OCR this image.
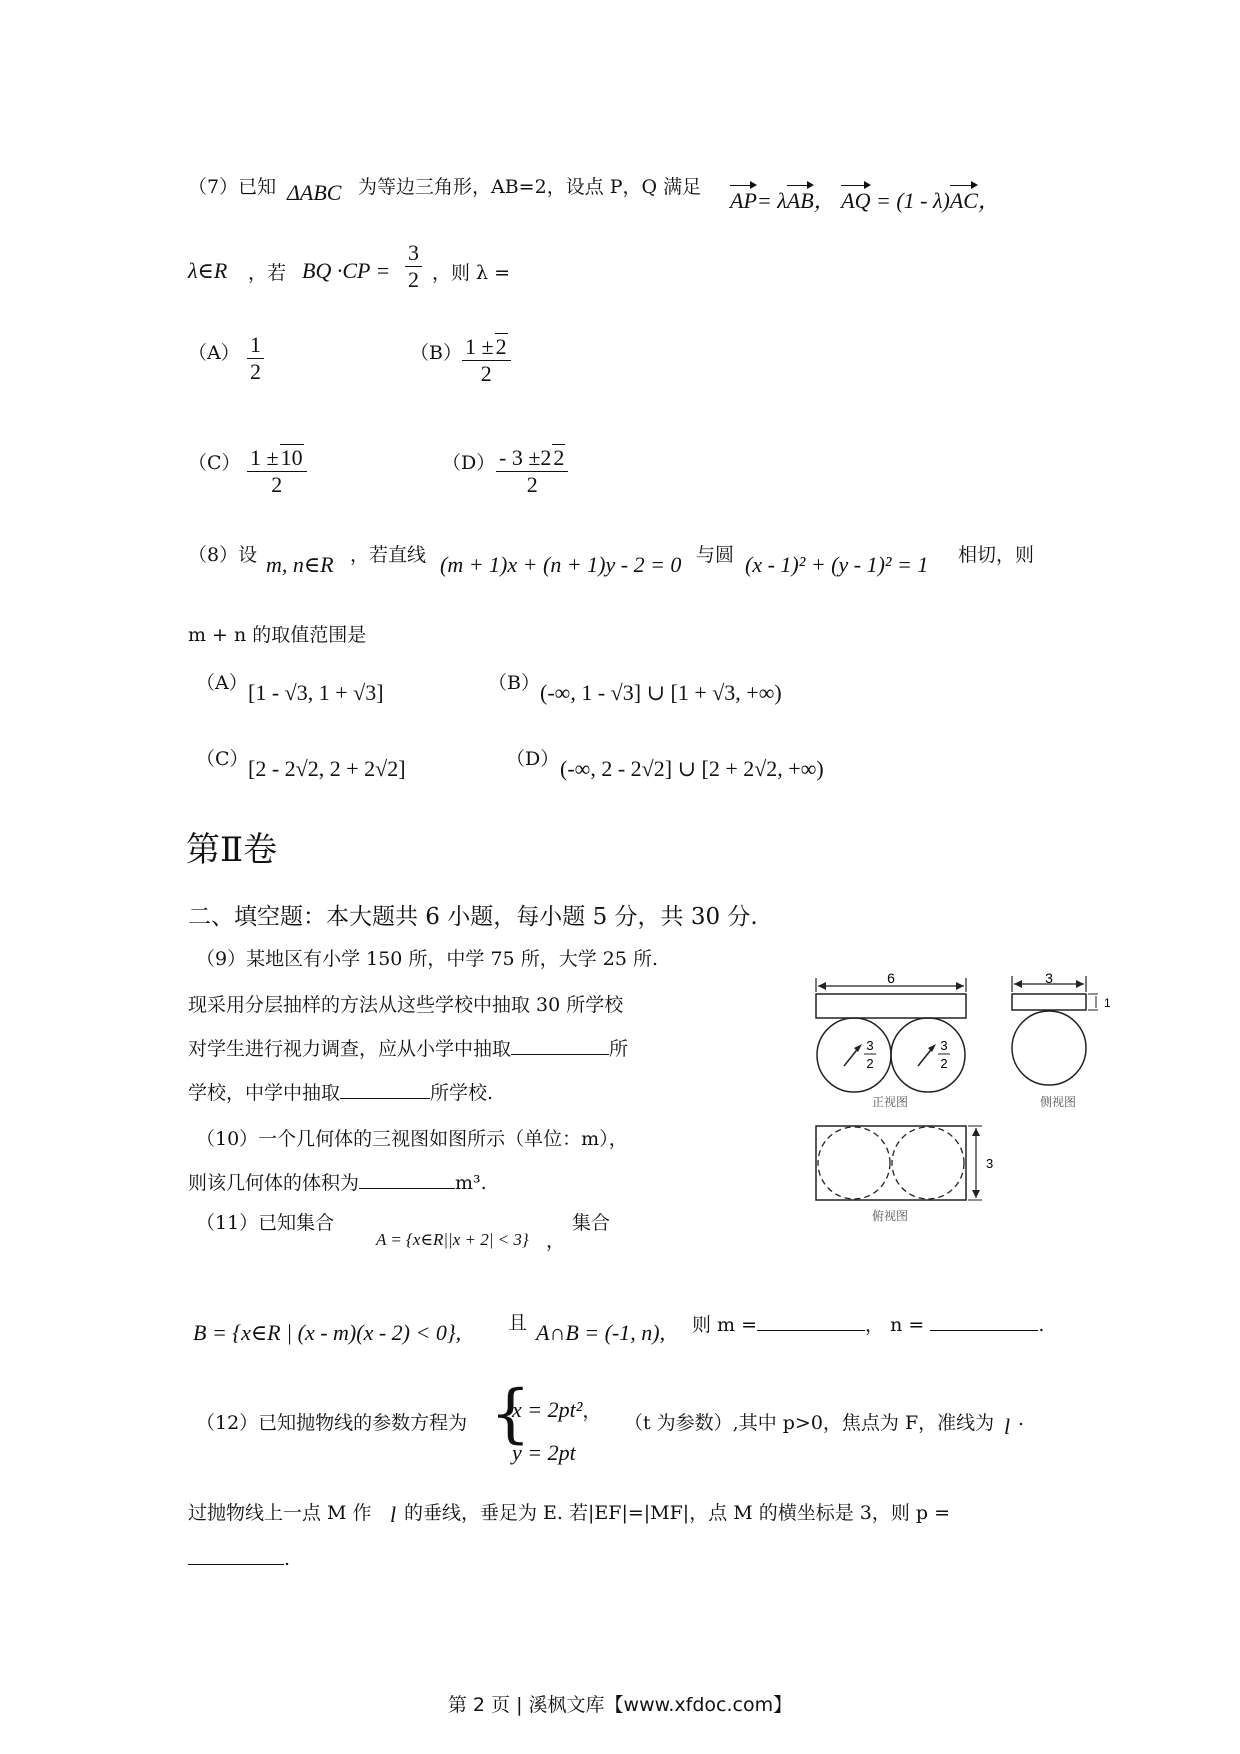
（7）已知 ΔABC 为等边三角形，AB=2，设点 P，Q 满足
AP= λAB， AQ = (1 - λ)AC，
λ∈R ，若 BQ $\cdot CP = \frac{3}{2}$ ，则 λ =
$(A) \frac{1}{2}$	$(B) \frac{1 \pm 2}{2}$
$(C) \frac{1 \pm 10}{2}$	$(D) \frac{- 3 \pm 22}{2}$
（8）设 m, n∈R ，若直线 (m + 1)x + (n + 1)y - 2 = 0 与圆 (x - 1)² + (y - 1)² = 1 相切，则
m + n 的取值范围是
（A） [1 - √3, 1 + √3]	（B） (-∞, 1 - √3] ∪ [1 + √3, +∞)
（C） [2 - 2√2, 2 + 2√2]	（D） (-∞, 2 - 2√2] ∪ [2 + 2√2, +∞)
第Ⅱ卷
二、填空题：本大题共 6 小题，每小题 5 分，共 30 分.
（9）某地区有小学 150 所，中学 75 所，大学 25 所.
现采用分层抽样的方法从这些学校中抽取 30 所学校
对学生进行视力调查，应从小学中抽取	所
学校，中学中抽取	所学校.
（10）一个几何体的三视图如图所示（单位：m），
则该几何体的体积为	m³.
（11）已知集合
A = {x∈R||x + 2| < 3} ，
集合
B = {x∈R | (x - m)(x - 2) < 0}, 且 A∩B = (-1, n), 则 m =	， n =	.
（12）已知抛物线的参数方程为 {
x = 2pt²，
y = 2pt
（t 为参数）,其中 p>0，焦点为 F，准线为 l .
过抛物线上一点 M 作 l 的垂线，垂足为 E. 若|EF|=|MF|，点 M 的横坐标是 3，则 p =
.
6
3
2
3
2
正视图
3
1
侧视图
3
俯视图
第 2 页 | 溪枫文库【www.xfdoc.com】
